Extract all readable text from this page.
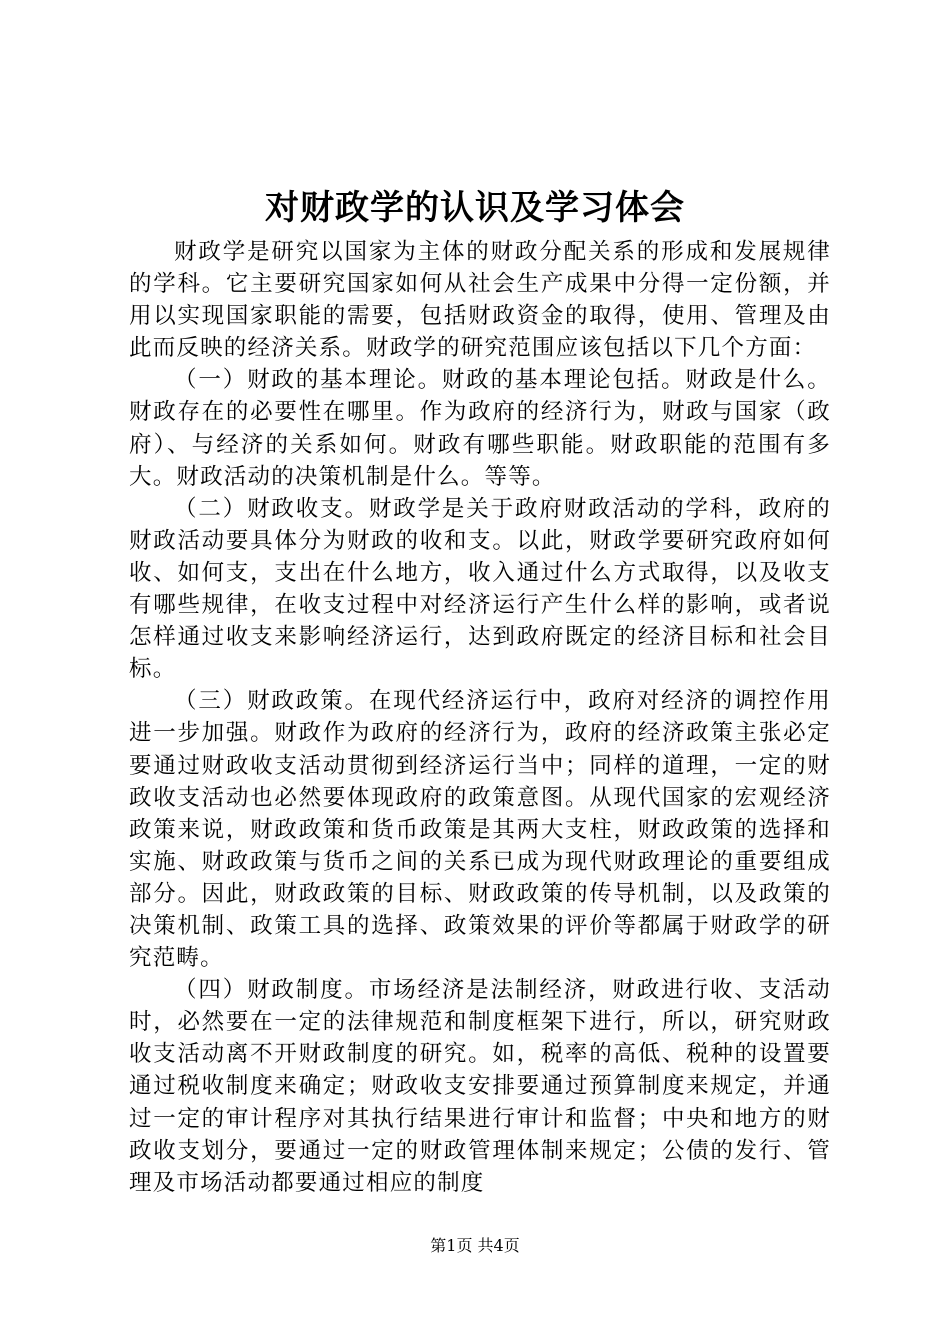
对财政学的认识及学习体会

财政学是研究以国家为主体的财政分配关系的形成和发展规律的学科。它主要研究国家如何从社会生产成果中分得一定份额，并用以实现国家职能的需要，包括财政资金的取得，使用、管理及由此而反映的经济关系。财政学的研究范围应该包括以下几个方面：

（一）财政的基本理论。财政的基本理论包括。财政是什么。财政存在的必要性在哪里。作为政府的经济行为，财政与国家（政府）、与经济的关系如何。财政有哪些职能。财政职能的范围有多大。财政活动的决策机制是什么。等等。

（二）财政收支。财政学是关于政府财政活动的学科，政府的财政活动要具体分为财政的收和支。以此，财政学要研究政府如何收、如何支，支出在什么地方，收入通过什么方式取得，以及收支有哪些规律，在收支过程中对经济运行产生什么样的影响，或者说怎样通过收支来影响经济运行，达到政府既定的经济目标和社会目标。

（三）财政政策。在现代经济运行中，政府对经济的调控作用进一步加强。财政作为政府的经济行为，政府的经济政策主张必定要通过财政收支活动贯彻到经济运行当中；同样的道理，一定的财政收支活动也必然要体现政府的政策意图。从现代国家的宏观经济政策来说，财政政策和货币政策是其两大支柱，财政政策的选择和实施、财政政策与货币之间的关系已成为现代财政理论的重要组成部分。因此，财政政策的目标、财政政策的传导机制，以及政策的决策机制、政策工具的选择、政策效果的评价等都属于财政学的研究范畴。

（四）财政制度。市场经济是法制经济，财政进行收、支活动时，必然要在一定的法律规范和制度框架下进行，所以，研究财政收支活动离不开财政制度的研究。如，税率的高低、税种的设置要通过税收制度来确定；财政收支安排要通过预算制度来规定，并通过一定的审计程序对其执行结果进行审计和监督；中央和地方的财政收支划分，要通过一定的财政管理体制来规定；公债的发行、管理及市场活动都要通过相应的制度

第1页 共4页
